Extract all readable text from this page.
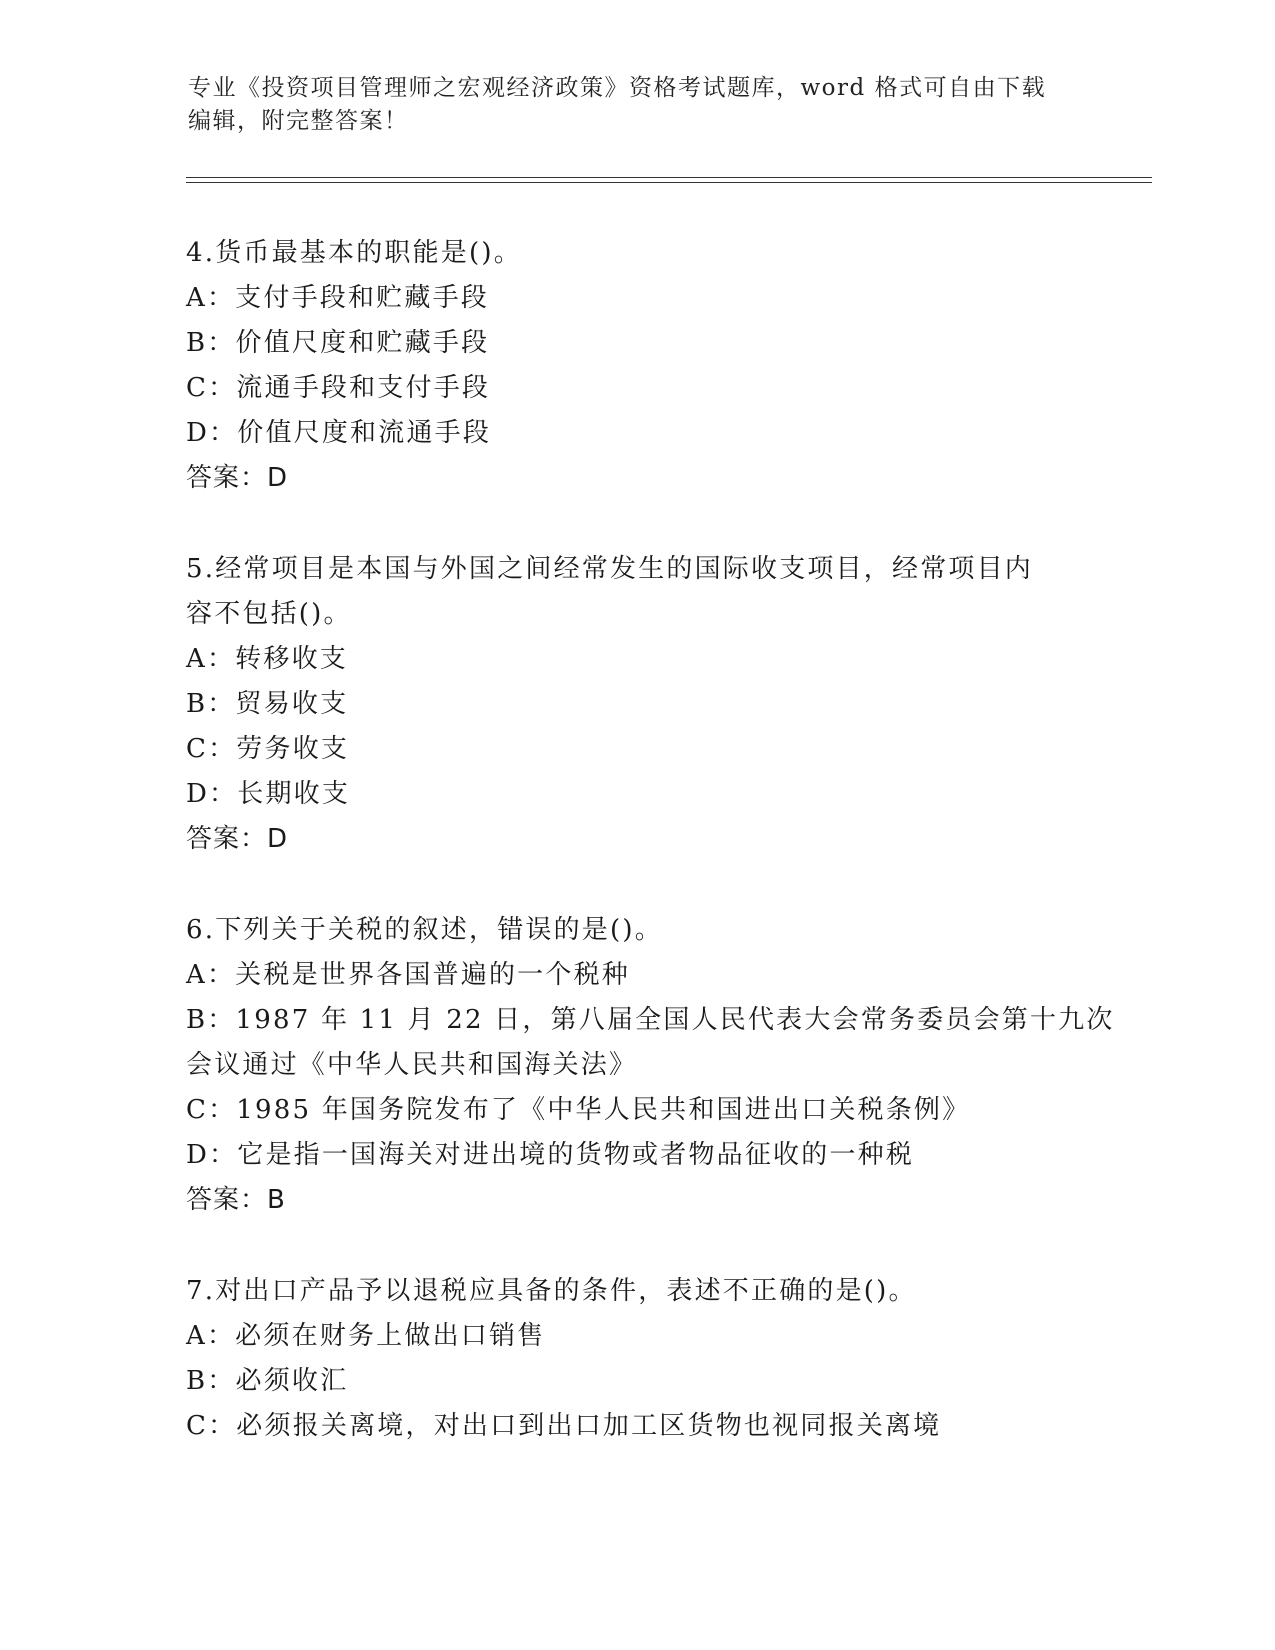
专业《投资项目管理师之宏观经济政策》资格考试题库，word 格式可自由下载编辑，附完整答案！
4.货币最基本的职能是()。
A：支付手段和贮藏手段
B：价值尺度和贮藏手段
C：流通手段和支付手段
D：价值尺度和流通手段
答案：D
5.经常项目是本国与外国之间经常发生的国际收支项目，经常项目内
容不包括()。
A：转移收支
B：贸易收支
C：劳务收支
D：长期收支
答案：D
6.下列关于关税的叙述，错误的是()。
A：关税是世界各国普遍的一个税种
B：1987 年 11 月 22 日，第八届全国人民代表大会常务委员会第十九次
会议通过《中华人民共和国海关法》
C：1985 年国务院发布了《中华人民共和国进出口关税条例》
D：它是指一国海关对进出境的货物或者物品征收的一种税
答案：B
7.对出口产品予以退税应具备的条件，表述不正确的是()。
A：必须在财务上做出口销售
B：必须收汇
C：必须报关离境，对出口到出口加工区货物也视同报关离境
